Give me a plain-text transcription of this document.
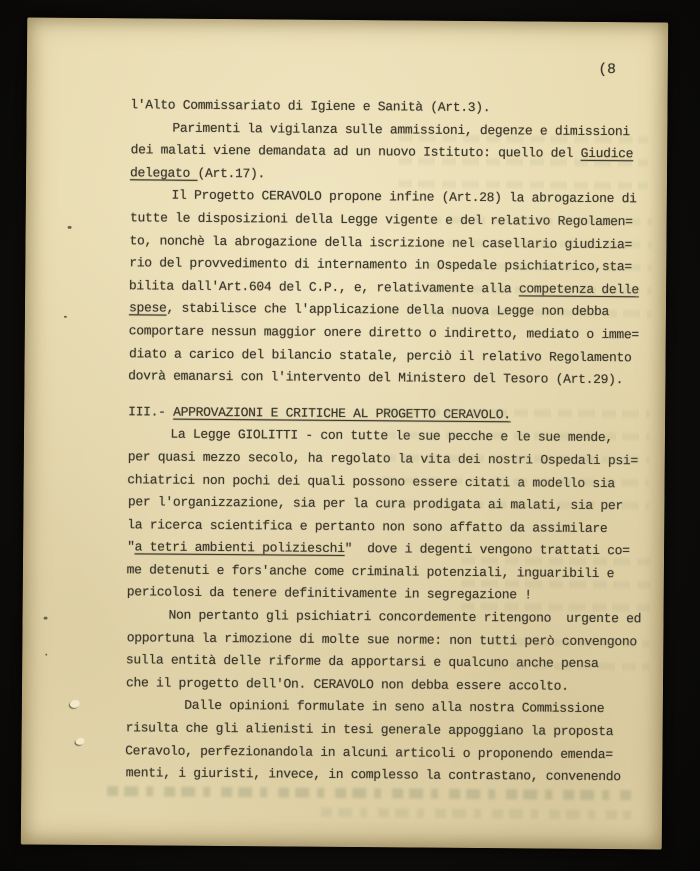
(8
l'Alto Commissariato di Igiene e Sanità (Art.3).
Parimenti la vigilanza sulle ammissioni, degenze e dimissioni
dei malati viene demandata ad un nuovo Istituto: quello del Giudice
delegato (Art.17).
Il Progetto CERAVOLO propone infine (Art.28) la abrogazione di
tutte le disposizioni della Legge vigente e del relativo Regolamen=
to, nonchè la abrogazione della iscrizione nel casellario giudizia=
rio del provvedimento di internamento in Ospedale psichiatrico,sta=
bilita dall'Art.604 del C.P., e, relativamente alla competenza delle
spese, stabilisce che l'applicazione della nuova Legge non debba
comportare nessun maggior onere diretto o indiretto, mediato o imme=
diato a carico del bilancio statale, perciò il relativo Regolamento
dovrà emanarsi con l'intervento del Ministero del Tesoro (Art.29).
III.- APPROVAZIONI E CRITICHE AL PROGETTO CERAVOLO.
La Legge GIOLITTI - con tutte le sue pecche e le sue mende,
per quasi mezzo secolo, ha regolato la vita dei nostri Ospedali psi=
chiatrici non pochi dei quali possono essere citati a modello sia
per l'organizzazione, sia per la cura prodigata ai malati, sia per
la ricerca scientifica e pertanto non sono affatto da assimilare
"a tetri ambienti polizieschi"  dove i degenti vengono trattati co=
me detenuti e fors'anche come criminali potenziali, inguaribili e
pericolosi da tenere definitivamente in segregazione !
Non pertanto gli psichiatri concordemente ritengono  urgente ed
opportuna la rimozione di molte sue norme: non tutti però convengono
sulla entità delle riforme da apportarsi e qualcuno anche pensa
che il progetto dell'On. CERAVOLO non debba essere accolto.
Dalle opinioni formulate in seno alla nostra Commissione
risulta che gli alienisti in tesi generale appoggiano la proposta
Ceravolo, perfezionandola in alcuni articoli o proponendo emenda=
menti, i giuristi, invece, in complesso la contrastano, convenendo
